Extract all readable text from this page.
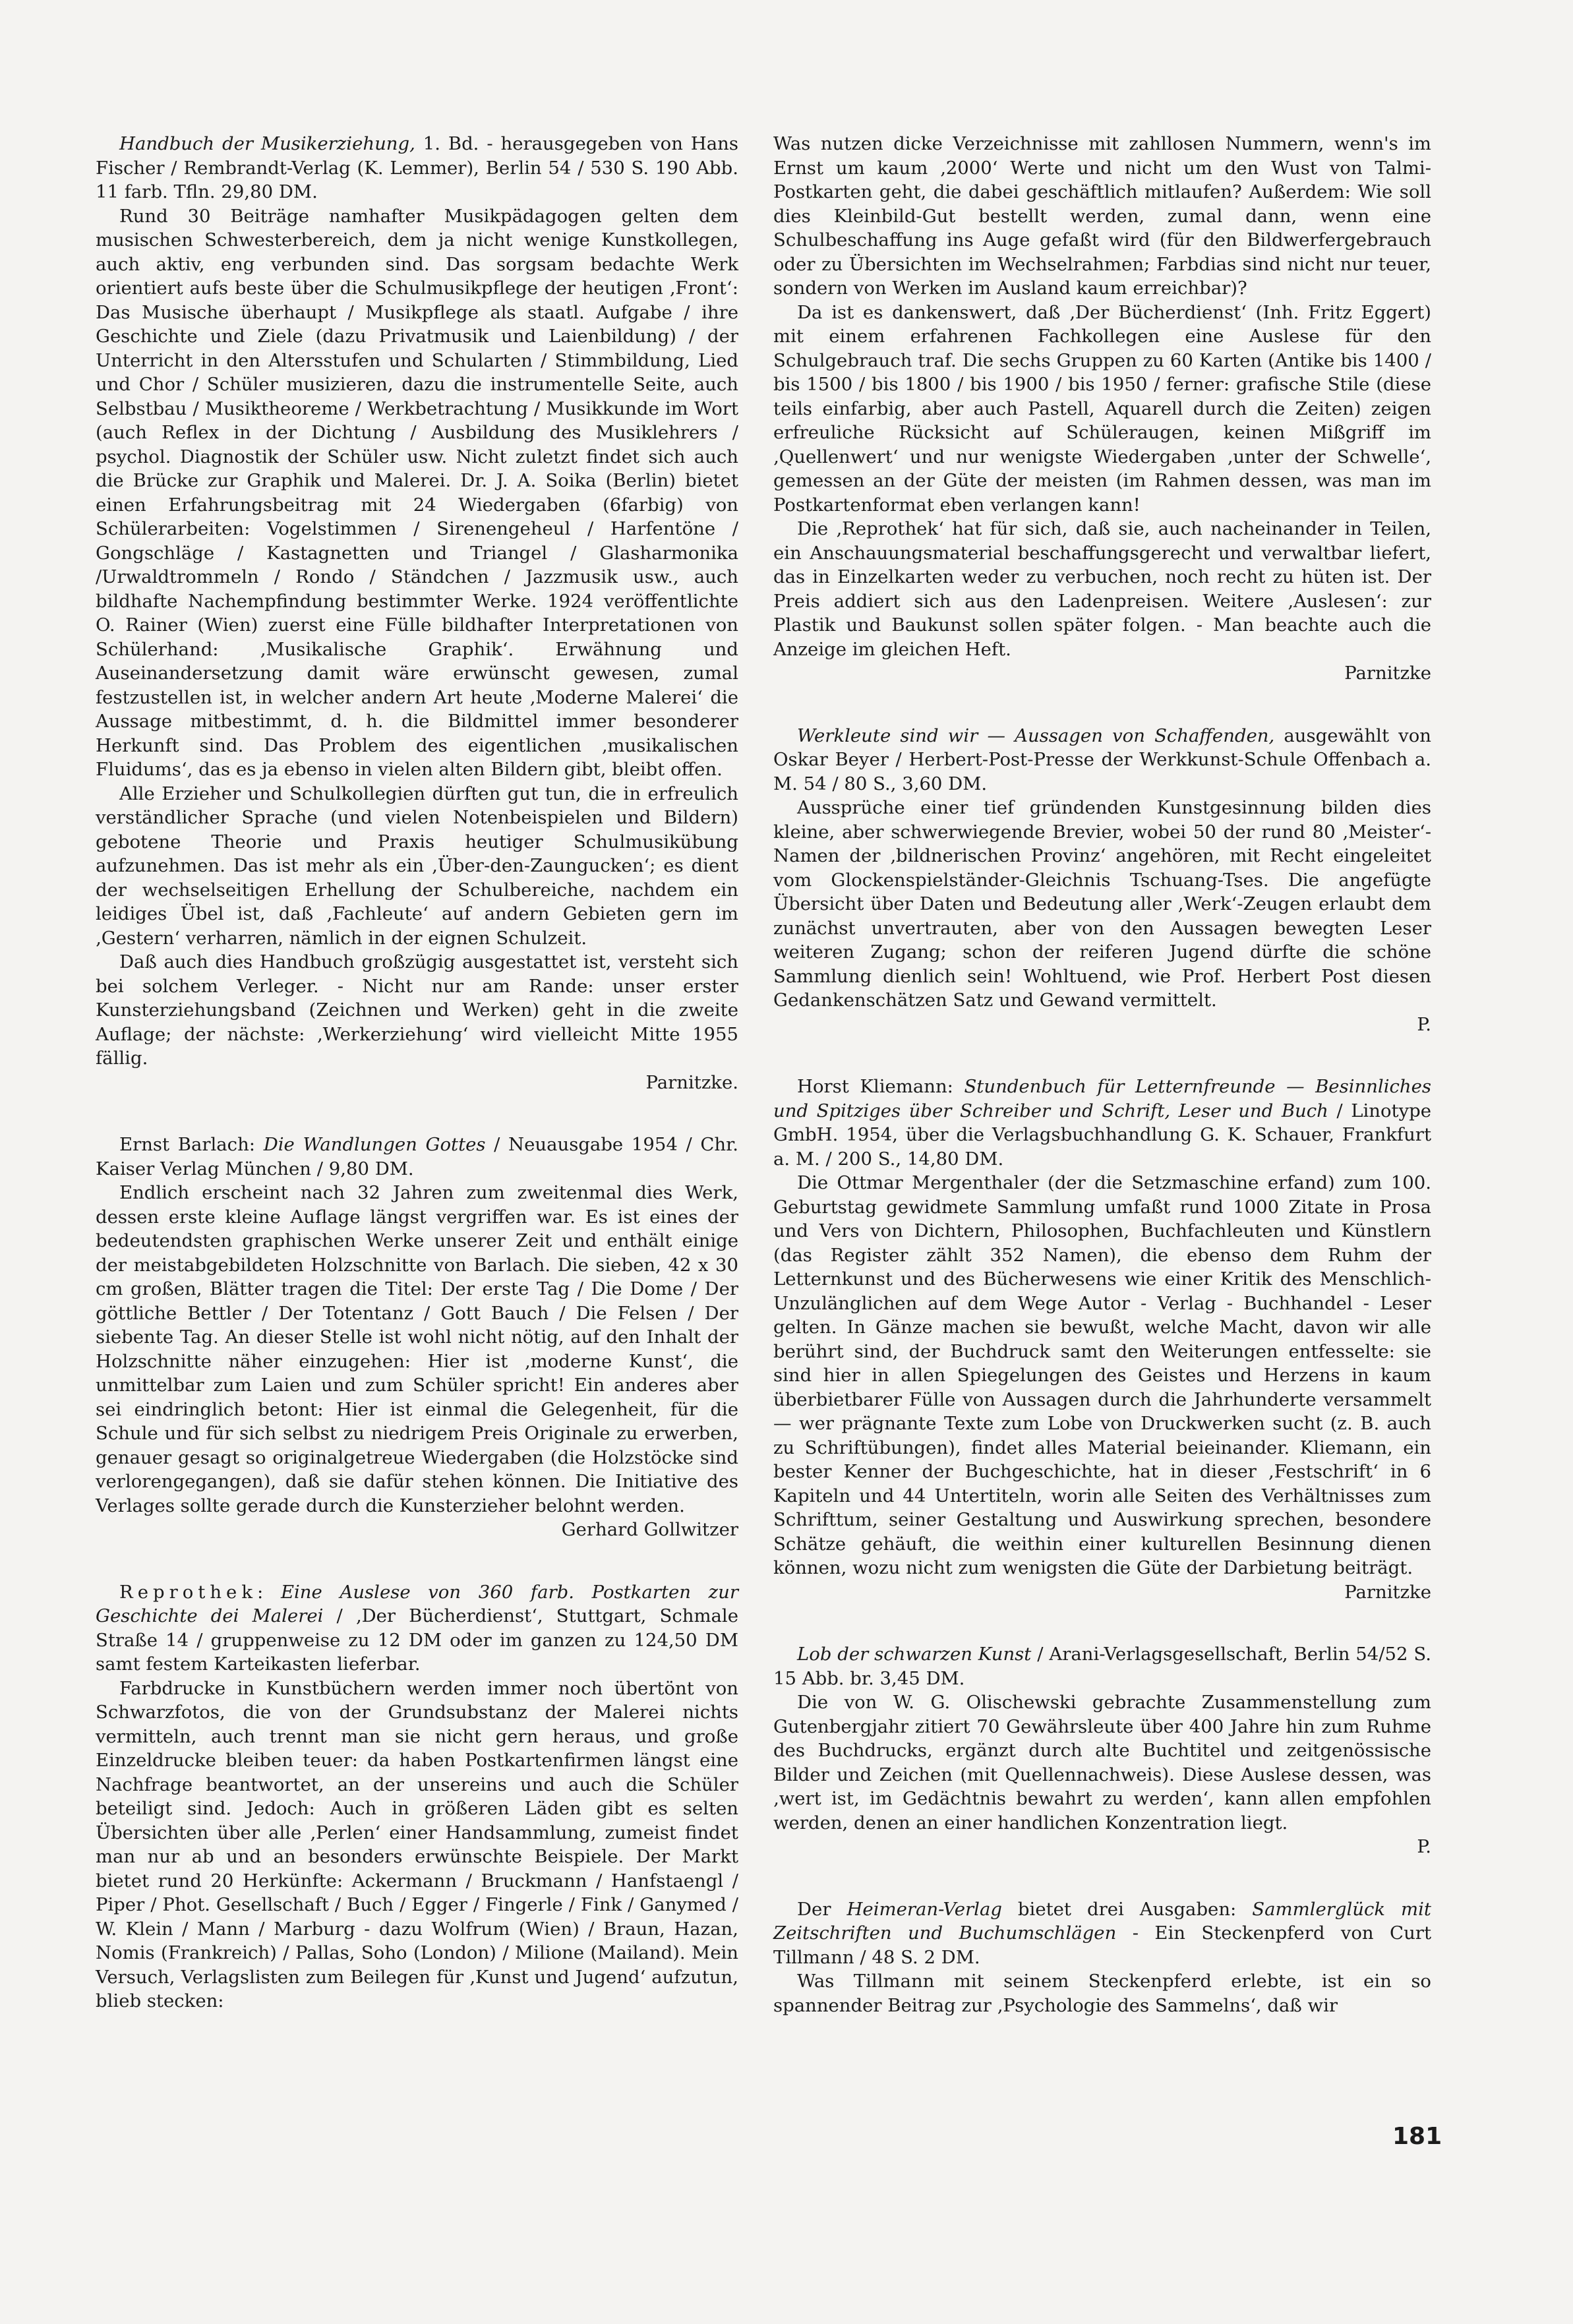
Handbuch der Musikerziehung, 1. Bd. - herausgegeben von Hans Fischer / Rembrandt-Verlag (K. Lemmer), Berlin 54 / 530 S. 190 Abb. 11 farb. Tfln. 29,80 DM.

Rund 30 Beiträge namhafter Musikpädagogen gelten dem musischen Schwesterbereich, dem ja nicht wenige Kunstkollegen, auch aktiv, eng verbunden sind. Das sorgsam bedachte Werk orientiert aufs beste über die Schulmusikpflege der heutigen ‚Front‘: Das Musische überhaupt / Musikpflege als staatl. Aufgabe / ihre Geschichte und Ziele (dazu Privatmusik und Laienbildung) / der Unterricht in den Altersstufen und Schularten / Stimmbildung, Lied und Chor / Schüler musizieren, dazu die instrumentelle Seite, auch Selbstbau / Musiktheoreme / Werkbetrachtung / Musikkunde im Wort (auch Reflex in der Dichtung / Ausbildung des Musiklehrers / psychol. Diagnostik der Schüler usw. Nicht zuletzt findet sich auch die Brücke zur Graphik und Malerei. Dr. J. A. Soika (Berlin) bietet einen Erfahrungsbeitrag mit 24 Wiedergaben (6farbig) von Schülerarbeiten: Vogelstimmen / Sirenengeheul / Harfentöne / Gongschläge / Kastagnetten und Triangel / Glasharmonika /Urwaldtrommeln / Rondo / Ständchen / Jazzmusik usw., auch bildhafte Nachempfindung bestimmter Werke. 1924 veröffentlichte O. Rainer (Wien) zuerst eine Fülle bildhafter Interpretationen von Schülerhand: ‚Musikalische Graphik‘. Erwähnung und Auseinandersetzung damit wäre erwünscht gewesen, zumal festzustellen ist, in welcher andern Art heute ‚Moderne Malerei‘ die Aussage mitbestimmt, d. h. die Bildmittel immer besonderer Herkunft sind. Das Problem des eigentlichen ‚musikalischen Fluidums‘, das es ja ebenso in vielen alten Bildern gibt, bleibt offen.

Alle Erzieher und Schulkollegien dürften gut tun, die in erfreulich verständlicher Sprache (und vielen Notenbeispielen und Bildern) gebotene Theorie und Praxis heutiger Schulmusikübung aufzunehmen. Das ist mehr als ein ‚Über-den-Zaungucken‘; es dient der wechselseitigen Erhellung der Schulbereiche, nachdem ein leidiges Übel ist, daß ‚Fachleute‘ auf andern Gebieten gern im ‚Gestern‘ verharren, nämlich in der eignen Schulzeit.

Daß auch dies Handbuch großzügig ausgestattet ist, versteht sich bei solchem Verleger. - Nicht nur am Rande: unser erster Kunsterziehungsband (Zeichnen und Werken) geht in die zweite Auflage; der nächste: ‚Werkerziehung‘ wird vielleicht Mitte 1955 fällig.

Parnitzke.

Ernst Barlach: Die Wandlungen Gottes / Neuausgabe 1954 / Chr. Kaiser Verlag München / 9,80 DM.

Endlich erscheint nach 32 Jahren zum zweitenmal dies Werk, dessen erste kleine Auflage längst vergriffen war. Es ist eines der bedeutendsten graphischen Werke unserer Zeit und enthält einige der meistabgebildeten Holzschnitte von Barlach. Die sieben, 42 x 30 cm großen, Blätter tragen die Titel: Der erste Tag / Die Dome / Der göttliche Bettler / Der Totentanz / Gott Bauch / Die Felsen / Der siebente Tag. An dieser Stelle ist wohl nicht nötig, auf den Inhalt der Holzschnitte näher einzugehen: Hier ist ‚moderne Kunst‘, die unmittelbar zum Laien und zum Schüler spricht! Ein anderes aber sei eindringlich betont: Hier ist einmal die Gelegenheit, für die Schule und für sich selbst zu niedrigem Preis Originale zu erwerben, genauer gesagt so originalgetreue Wiedergaben (die Holzstöcke sind verlorengegangen), daß sie dafür stehen können. Die Initiative des Verlages sollte gerade durch die Kunsterzieher belohnt werden.

Gerhard Gollwitzer

Reprothek: Eine Auslese von 360 farb. Postkarten zur Geschichte dei Malerei / ‚Der Bücherdienst‘, Stuttgart, Schmale Straße 14 / gruppenweise zu 12 DM oder im ganzen zu 124,50 DM samt festem Karteikasten lieferbar.

Farbdrucke in Kunstbüchern werden immer noch übertönt von Schwarzfotos, die von der Grundsubstanz der Malerei nichts vermitteln, auch trennt man sie nicht gern heraus, und große Einzeldrucke bleiben teuer: da haben Postkartenfirmen längst eine Nachfrage beantwortet, an der unsereins und auch die Schüler beteiligt sind. Jedoch: Auch in größeren Läden gibt es selten Übersichten über alle ‚Perlen‘ einer Handsammlung, zumeist findet man nur ab und an besonders erwünschte Beispiele. Der Markt bietet rund 20 Herkünfte: Ackermann / Bruckmann / Hanfstaengl / Piper / Phot. Gesellschaft / Buch / Egger / Fingerle / Fink / Ganymed / W. Klein / Mann / Marburg - dazu Wolfrum (Wien) / Braun, Hazan, Nomis (Frankreich) / Pallas, Soho (London) / Milione (Mailand). Mein Versuch, Verlagslisten zum Beilegen für ‚Kunst und Jugend‘ aufzutun, blieb stecken:

Was nutzen dicke Verzeichnisse mit zahllosen Nummern, wenn's im Ernst um kaum ‚2000‘ Werte und nicht um den Wust von Talmi-Postkarten geht, die dabei geschäftlich mitlaufen? Außerdem: Wie soll dies Kleinbild-Gut bestellt werden, zumal dann, wenn eine Schulbeschaffung ins Auge gefaßt wird (für den Bildwerfergebrauch oder zu Übersichten im Wechselrahmen; Farbdias sind nicht nur teuer, sondern von Werken im Ausland kaum erreichbar)?

Da ist es dankenswert, daß ‚Der Bücherdienst‘ (Inh. Fritz Eggert) mit einem erfahrenen Fachkollegen eine Auslese für den Schulgebrauch traf. Die sechs Gruppen zu 60 Karten (Antike bis 1400 / bis 1500 / bis 1800 / bis 1900 / bis 1950 / ferner: grafische Stile (diese teils einfarbig, aber auch Pastell, Aquarell durch die Zeiten) zeigen erfreuliche Rücksicht auf Schüleraugen, keinen Mißgriff im ‚Quellenwert‘ und nur wenigste Wiedergaben ‚unter der Schwelle‘, gemessen an der Güte der meisten (im Rahmen dessen, was man im Postkartenformat eben verlangen kann!

Die ‚Reprothek‘ hat für sich, daß sie, auch nacheinander in Teilen, ein Anschauungsmaterial beschaffungsgerecht und verwaltbar liefert, das in Einzelkarten weder zu verbuchen, noch recht zu hüten ist. Der Preis addiert sich aus den Ladenpreisen. Weitere ‚Auslesen‘: zur Plastik und Baukunst sollen später folgen. - Man beachte auch die Anzeige im gleichen Heft.

Parnitzke

Werkleute sind wir — Aussagen von Schaffenden, ausgewählt von Oskar Beyer / Herbert-Post-Presse der Werkkunst-Schule Offenbach a. M. 54 / 80 S., 3,60 DM.

Aussprüche einer tief gründenden Kunstgesinnung bilden dies kleine, aber schwerwiegende Brevier, wobei 50 der rund 80 ‚Meister‘-Namen der ‚bildnerischen Provinz‘ angehören, mit Recht eingeleitet vom Glockenspielständer-Gleichnis Tschuang-Tses. Die angefügte Übersicht über Daten und Bedeutung aller ‚Werk‘-Zeugen erlaubt dem zunächst unvertrauten, aber von den Aussagen bewegten Leser weiteren Zugang; schon der reiferen Jugend dürfte die schöne Sammlung dienlich sein! Wohltuend, wie Prof. Herbert Post diesen Gedankenschätzen Satz und Gewand vermittelt.

P.

Horst Kliemann: Stundenbuch für Letternfreunde — Besinnliches und Spitziges über Schreiber und Schrift, Leser und Buch / Linotype GmbH. 1954, über die Verlagsbuchhandlung G. K. Schauer, Frankfurt a. M. / 200 S., 14,80 DM.

Die Ottmar Mergenthaler (der die Setzmaschine erfand) zum 100. Geburtstag gewidmete Sammlung umfaßt rund 1000 Zitate in Prosa und Vers von Dichtern, Philosophen, Buchfachleuten und Künstlern (das Register zählt 352 Namen), die ebenso dem Ruhm der Letternkunst und des Bücherwesens wie einer Kritik des Menschlich-Unzulänglichen auf dem Wege Autor - Verlag - Buchhandel - Leser gelten. In Gänze machen sie bewußt, welche Macht, davon wir alle berührt sind, der Buchdruck samt den Weiterungen entfesselte: sie sind hier in allen Spiegelungen des Geistes und Herzens in kaum überbietbarer Fülle von Aussagen durch die Jahrhunderte versammelt — wer prägnante Texte zum Lobe von Druckwerken sucht (z. B. auch zu Schriftübungen), findet alles Material beieinander. Kliemann, ein bester Kenner der Buchgeschichte, hat in dieser ‚Festschrift‘ in 6 Kapiteln und 44 Untertiteln, worin alle Seiten des Verhältnisses zum Schrifttum, seiner Gestaltung und Auswirkung sprechen, besondere Schätze gehäuft, die weithin einer kulturellen Besinnung dienen können, wozu nicht zum wenigsten die Güte der Darbietung beiträgt.

Parnitzke

Lob der schwarzen Kunst / Arani-Verlagsgesellschaft, Berlin 54/52 S. 15 Abb. br. 3,45 DM.

Die von W. G. Olischewski gebrachte Zusammenstellung zum Gutenbergjahr zitiert 70 Gewährsleute über 400 Jahre hin zum Ruhme des Buchdrucks, ergänzt durch alte Buchtitel und zeitgenössische Bilder und Zeichen (mit Quellennachweis). Diese Auslese dessen, was ‚wert ist, im Gedächtnis bewahrt zu werden‘, kann allen empfohlen werden, denen an einer handlichen Konzentration liegt.

P.

Der Heimeran-Verlag bietet drei Ausgaben: Sammlerglück mit Zeitschriften und Buchumschlägen - Ein Steckenpferd von Curt Tillmann / 48 S. 2 DM.

Was Tillmann mit seinem Steckenpferd erlebte, ist ein so spannender Beitrag zur ‚Psychologie des Sammelns‘, daß wir

181
